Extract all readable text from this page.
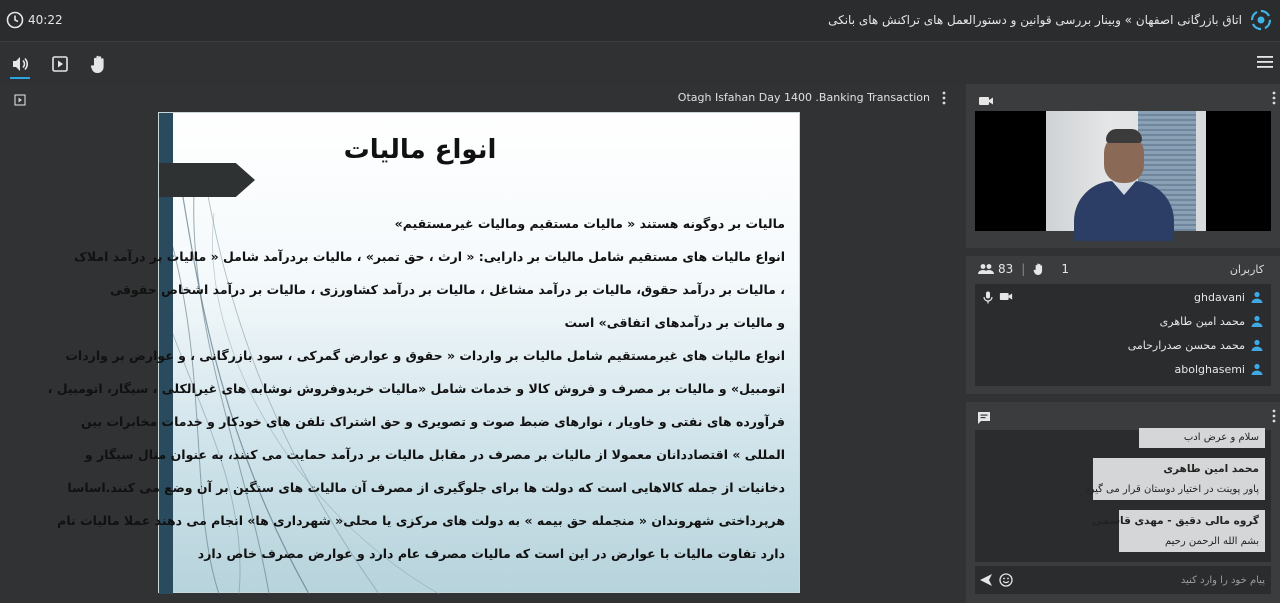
40:22	اتاق بازرگانی اصفهان » وبینار بررسی قوانین و دستورالعمل های تراکنش های بانکی
Otagh Isfahan Day 1400 .Banking Transaction
انواع مالیات
مالیات بر دوگونه هستند « مالیات مستقیم ومالیات غیرمستقیم»
انواع مالیات های مستقیم شامل مالیات بر دارایی: « ارث ، حق تمبر» ، مالیات بردرآمد شامل « مالیات بر درآمد املاک
، مالیات بر درآمد حقوق، مالیات بر درآمد مشاغل ، مالیات بر درآمد کشاورزی ، مالیات بر درآمد اشخاص حقوقی
و مالیات بر درآمدهای اتفاقی» است
انواع مالیات های غیرمستقیم شامل مالیات بر واردات « حقوق و عوارض گمرکی ، سود بازرگانی ، و عوارض بر واردات
اتومبیل» و مالیات بر مصرف و فروش کالا و خدمات شامل «مالیات خریدوفروش نوشابه های غیرالکلی ، سیگار، اتومبیل ،
فرآورده های نفتی و خاویار ، نوارهای ضبط صوت و تصویری و حق اشتراک تلفن های خودکار و خدمات مخابرات بین
المللی » اقتصاددانان معمولا از مالیات بر مصرف در مقابل مالیات بر درآمد حمایت می کنند، به عنوان مثال سیگار و
دخانیات از جمله کالاهایی است که دولت ها برای جلوگیری از مصرف آن مالیات های سنگین بر آن وضع می کنند.اساسا
هرپرداختی شهروندان « منجمله حق بیمه » به دولت های مرکزی یا محلی« شهرداری ها» انجام می دهند عملا مالیات نام
دارد تفاوت مالیات با عوارض در این است که مالیات مصرف عام دارد و عوارض مصرف خاص دارد
83 |	1	کاربران
ghdavani
محمد امین طاهری
محمد محسن صدرارحامی
abolghasemi
سلام و عرض ادب
محمد امین طاهری
پاور پوینت در اختیار دوستان قرار می گیرد
گروه مالی دقیق - مهدی قاسمی
بشم الله الرحمن رحیم
پیام خود را وارد کنید
